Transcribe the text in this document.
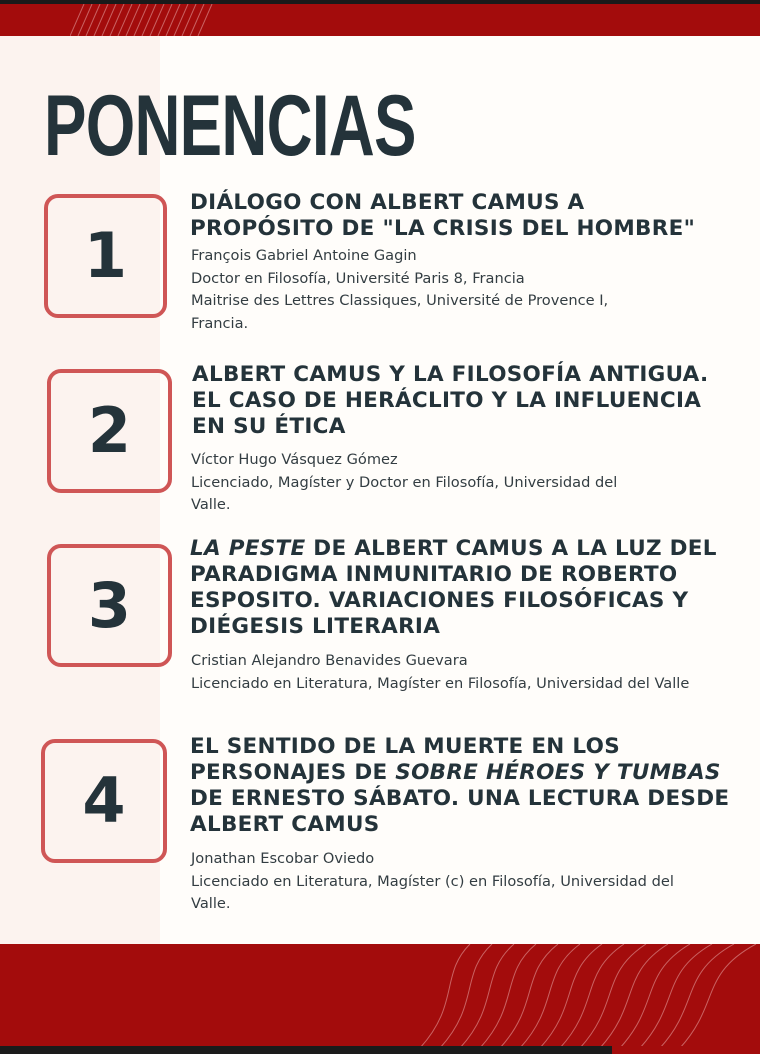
PONENCIAS
1
DIÁLOGO CON ALBERT CAMUS A
PROPÓSITO DE "LA CRISIS DEL HOMBRE"
François Gabriel Antoine Gagin
Doctor en Filosofía, Université Paris 8, Francia
Maitrise des Lettres Classiques, Université de Provence I, Francia.
2
ALBERT CAMUS Y LA FILOSOFÍA ANTIGUA.
EL CASO DE HERÁCLITO Y LA INFLUENCIA
EN SU ÉTICA
Víctor Hugo Vásquez Gómez
Licenciado, Magíster y Doctor en Filosofía, Universidad del Valle.
3
LA PESTE DE ALBERT CAMUS A LA LUZ DEL
PARADIGMA INMUNITARIO DE ROBERTO
ESPOSITO. VARIACIONES FILOSÓFICAS Y
DIÉGESIS LITERARIA
Cristian Alejandro Benavides Guevara
Licenciado en Literatura, Magíster en Filosofía, Universidad del Valle
4
EL SENTIDO DE LA MUERTE EN LOS
PERSONAJES DE SOBRE HÉROES Y TUMBAS
DE ERNESTO SÁBATO. UNA LECTURA DESDE
ALBERT CAMUS
Jonathan Escobar Oviedo
Licenciado en Literatura, Magíster (c) en Filosofía, Universidad del Valle.
